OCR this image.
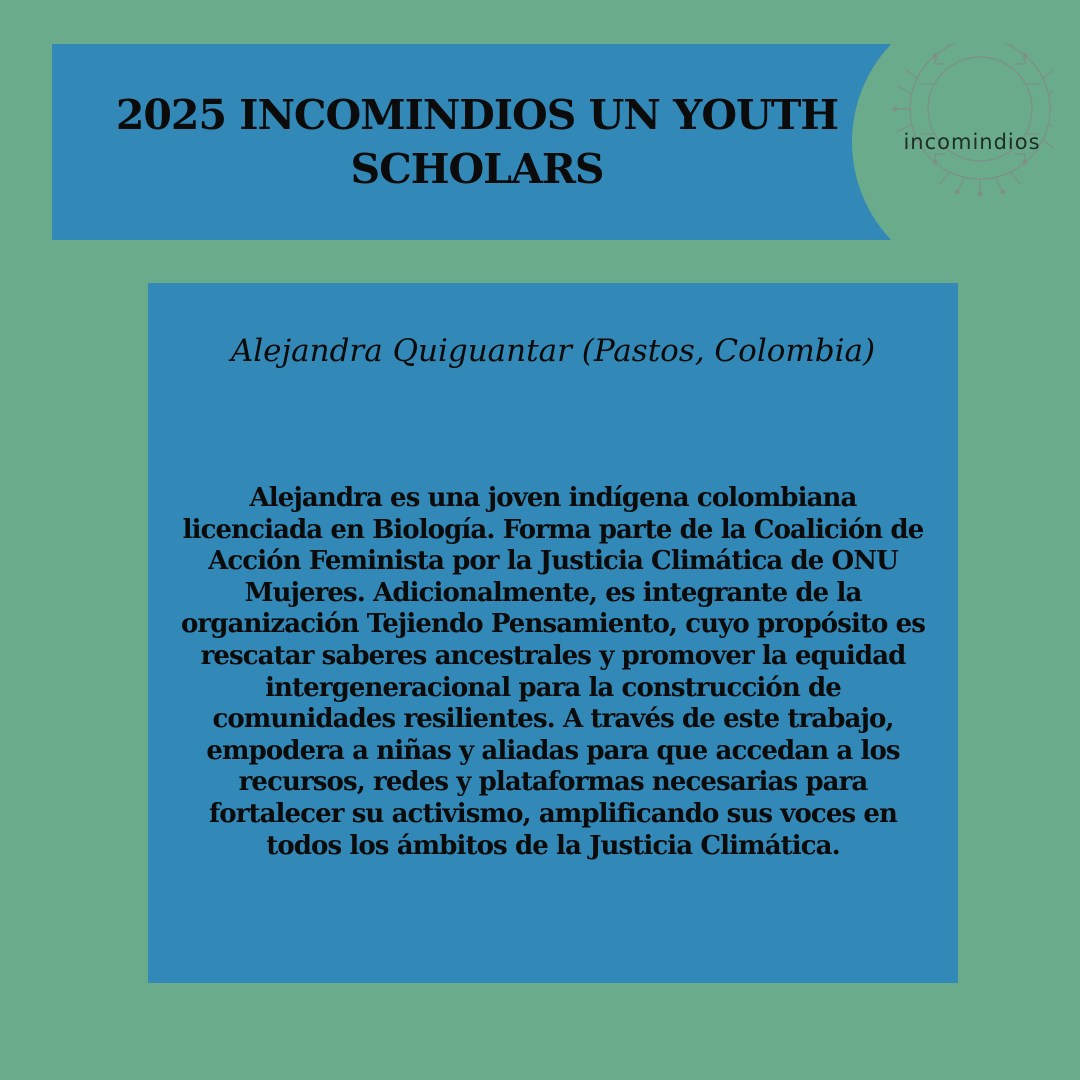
2025 INCOMINDIOS UN YOUTH SCHOLARS
incomindios
Alejandra Quiguantar (Pastos, Colombia)

Alejandra es una joven indígena colombiana licenciada en Biología. Forma parte de la Coalición de Acción Feminista por la Justicia Climática de ONU Mujeres. Adicionalmente, es integrante de la organización Tejiendo Pensamiento, cuyo propósito es rescatar saberes ancestrales y promover la equidad intergeneracional para la construcción de comunidades resilientes. A través de este trabajo, empodera a niñas y aliadas para que accedan a los recursos, redes y plataformas necesarias para fortalecer su activismo, amplificando sus voces en todos los ámbitos de la Justicia Climática.
